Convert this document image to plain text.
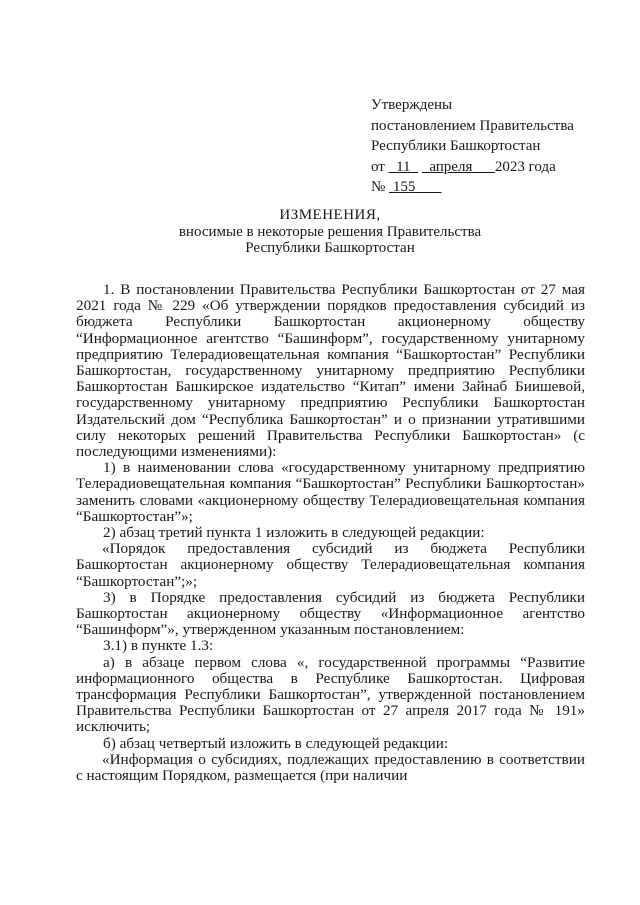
Утверждены
постановлением Правительства
Республики Башкортостан
от 11 апреля 2023 года
№ 155
ИЗМЕНЕНИЯ,
вносимые в некоторые решения Правительства
Республики Башкортостан

1. В постановлении Правительства Республики Башкортостан от 27 мая 2021 года № 229 «Об утверждении порядков предоставления субсидий из бюджета Республики Башкортостан акционерному обществу “Информационное агентство “Башинформ”, государственному унитарному предприятию Телерадиовещательная компания “Башкортостан” Республики Башкортостан, государственному унитарному предприятию Республики Башкортостан Башкирское издательство “Китап” имени Зайнаб Биишевой, государственному унитарному предприятию Республики Башкортостан Издательский дом “Республика Башкортостан” и о признании утратившими силу некоторых решений Правительства Республики Башкортостан» (с последующими изменениями):

1) в наименовании слова «государственному унитарному предприятию Телерадиовещательная компания “Башкортостан” Республики Башкортостан» заменить словами «акционерному обществу Телерадиовещательная компания “Башкортостан”»;

2) абзац третий пункта 1 изложить в следующей редакции:

«Порядок предоставления субсидий из бюджета Республики Башкортостан акционерному обществу Телерадиовещательная компания “Башкортостан”;»;

3) в Порядке предоставления субсидий из бюджета Республики Башкортостан акционерному обществу «Информационное агентство “Башинформ”», утвержденном указанным постановлением:

3.1) в пункте 1.3:

а) в абзаце первом слова «, государственной программы “Развитие информационного общества в Республике Башкортостан. Цифровая трансформация Республики Башкортостан”, утвержденной постановлением Правительства Республики Башкортостан от 27 апреля 2017 года № 191» исключить;

б) абзац четвертый изложить в следующей редакции:

«Информация о субсидиях, подлежащих предоставлению в соответствии с настоящим Порядком, размещается (при наличии
